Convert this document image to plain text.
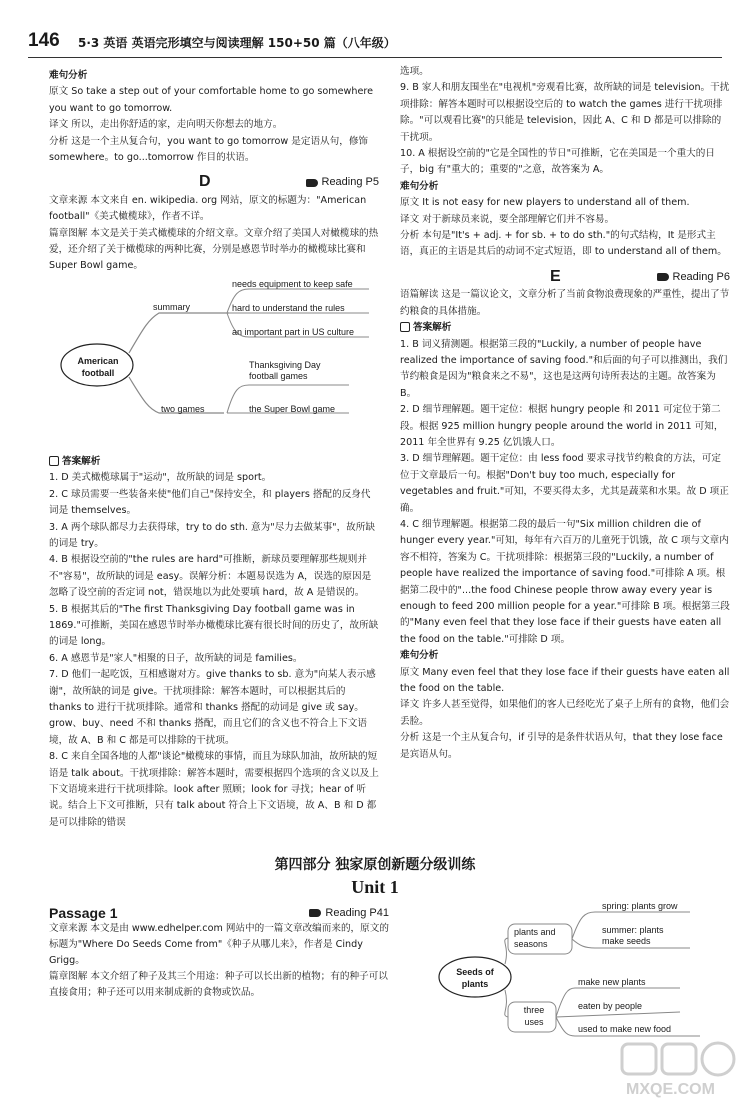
146 5·3 英语 英语完形填空与阅读理解 150+50 篇（八年级）

难句分析

原文 So take a step out of your comfortable home to go somewhere you want to go tomorrow.

译文 所以，走出你舒适的家，走向明天你想去的地方。

分析 这是一个主从复合句，you want to go tomorrow 是定语从句，修饰 somewhere。to go...tomorrow 作目的状语。

D	Reading P5

文章来源 本文来自 en. wikipedia. org 网站，原文的标题为："American football"《美式橄榄球》，作者不详。

篇章图解 本文是关于美式橄榄球的介绍文章。文章介绍了美国人对橄榄球的热爱，还介绍了关于橄榄球的两种比赛，分别是感恩节时举办的橄榄球比赛和 Super Bowl game。

American football
summary
needs equipment to keep safe
hard to understand the rules
an important part in US culture
two games
Thanksgiving Day football games
the Super Bowl game

答案解析

1. D 美式橄榄球属于"运动"，故所缺的词是 sport。

2. C 球员需要一些装备来使"他们自己"保持安全，和 players 搭配的反身代词是 themselves。

3. A 两个球队都尽力去获得球，try to do sth. 意为"尽力去做某事"，故所缺的词是 try。

4. B 根据设空前的"the rules are hard"可推断，新球员要理解那些规则并不"容易"，故所缺的词是 easy。误解分析：本题易误选为 A，误选的原因是忽略了设空前的否定词 not，错误地以为此处要填 hard，故 A 是错误的。

5. B 根据其后的"The first Thanksgiving Day football game was in 1869."可推断，美国在感恩节时举办橄榄球比赛有很长时间的历史了，故所缺的词是 long。

6. A 感恩节是"家人"相聚的日子，故所缺的词是 families。

7. D 他们一起吃饭，互相感谢对方。give thanks to sb. 意为"向某人表示感谢"，故所缺的词是 give。干扰项排除：解答本题时，可以根据其后的 thanks to 进行干扰项排除。通常和 thanks 搭配的动词是 give 或 say。grow、buy、need 不和 thanks 搭配，而且它们的含义也不符合上下文语境，故 A、B 和 C 都是可以排除的干扰项。

8. C 来自全国各地的人都"谈论"橄榄球的事情，而且为球队加油，故所缺的短语是 talk about。干扰项排除：解答本题时，需要根据四个选项的含义以及上下文语境来进行干扰项排除。look after 照顾；look for 寻找；hear of 听说。结合上下文可推断，只有 talk about 符合上下文语境，故 A、B 和 D 都是可以排除的错误

选项。

9. B 家人和朋友围坐在"电视机"旁观看比赛，故所缺的词是 television。干扰项排除：解答本题时可以根据设空后的 to watch the games 进行干扰项排除。"可以观看比赛"的只能是 television，因此 A、C 和 D 都是可以排除的干扰项。

10. A 根据设空前的"它是全国性的节日"可推断，它在美国是一个重大的日子，big 有"重大的；重要的"之意，故答案为 A。

难句分析

原文 It is not easy for new players to understand all of them.

译文 对于新球员来说，要全部理解它们并不容易。

分析 本句是"It's + adj. + for sb. + to do sth."的句式结构，It 是形式主语，真正的主语是其后的动词不定式短语，即 to understand all of them。

E	Reading P6

语篇解读 这是一篇议论文，文章分析了当前食物浪费现象的严重性，提出了节约粮食的具体措施。

答案解析

1. B 词义猜测题。根据第三段的"Luckily, a number of people have realized the importance of saving food."和后面的句子可以推测出，我们节约粮食是因为"粮食来之不易"，这也是这两句诗所表达的主题。故答案为 B。

2. D 细节理解题。题干定位：根据 hungry people 和 2011 可定位于第二段。根据 925 million hungry people around the world in 2011 可知，2011 年全世界有 9.25 亿饥饿人口。

3. D 细节理解题。题干定位：由 less food 要求寻找节约粮食的方法，可定位于文章最后一句。根据"Don't buy too much, especially for vegetables and fruit."可知，不要买得太多，尤其是蔬菜和水果。故 D 项正确。

4. C 细节理解题。根据第二段的最后一句"Six million children die of hunger every year."可知，每年有六百万的儿童死于饥饿，故 C 项与文章内容不相符，答案为 C。干扰项排除：根据第三段的"Luckily, a number of people have realized the importance of saving food."可排除 A 项。根据第二段中的"...the food Chinese people throw away every year is enough to feed 200 million people for a year."可排除 B 项。根据第三段的"Many even feel that they lose face if their guests have eaten all the food on the table."可排除 D 项。

难句分析

原文 Many even feel that they lose face if their guests have eaten all the food on the table.

译文 许多人甚至觉得，如果他们的客人已经吃光了桌子上所有的食物，他们会丢脸。

分析 这是一个主从复合句，if 引导的是条件状语从句，that they lose face 是宾语从句。

第四部分 独家原创新题分级训练
Unit 1
Passage 1	Reading P41

文章来源 本文是由 www.edhelper.com 网站中的一篇文章改编而来的，原文的标题为"Where Do Seeds Come from"《种子从哪儿来》，作者是 Cindy Grigg。

篇章图解 本文介绍了种子及其三个用途：种子可以长出新的植物；有的种子可以直接食用；种子还可以用来制成新的食物或饮品。

Seeds of plants
plants and seasons
spring: plants grow
summer: plants make seeds
three uses
make new plants
eaten by people
used to make new food
MXQE.COM
